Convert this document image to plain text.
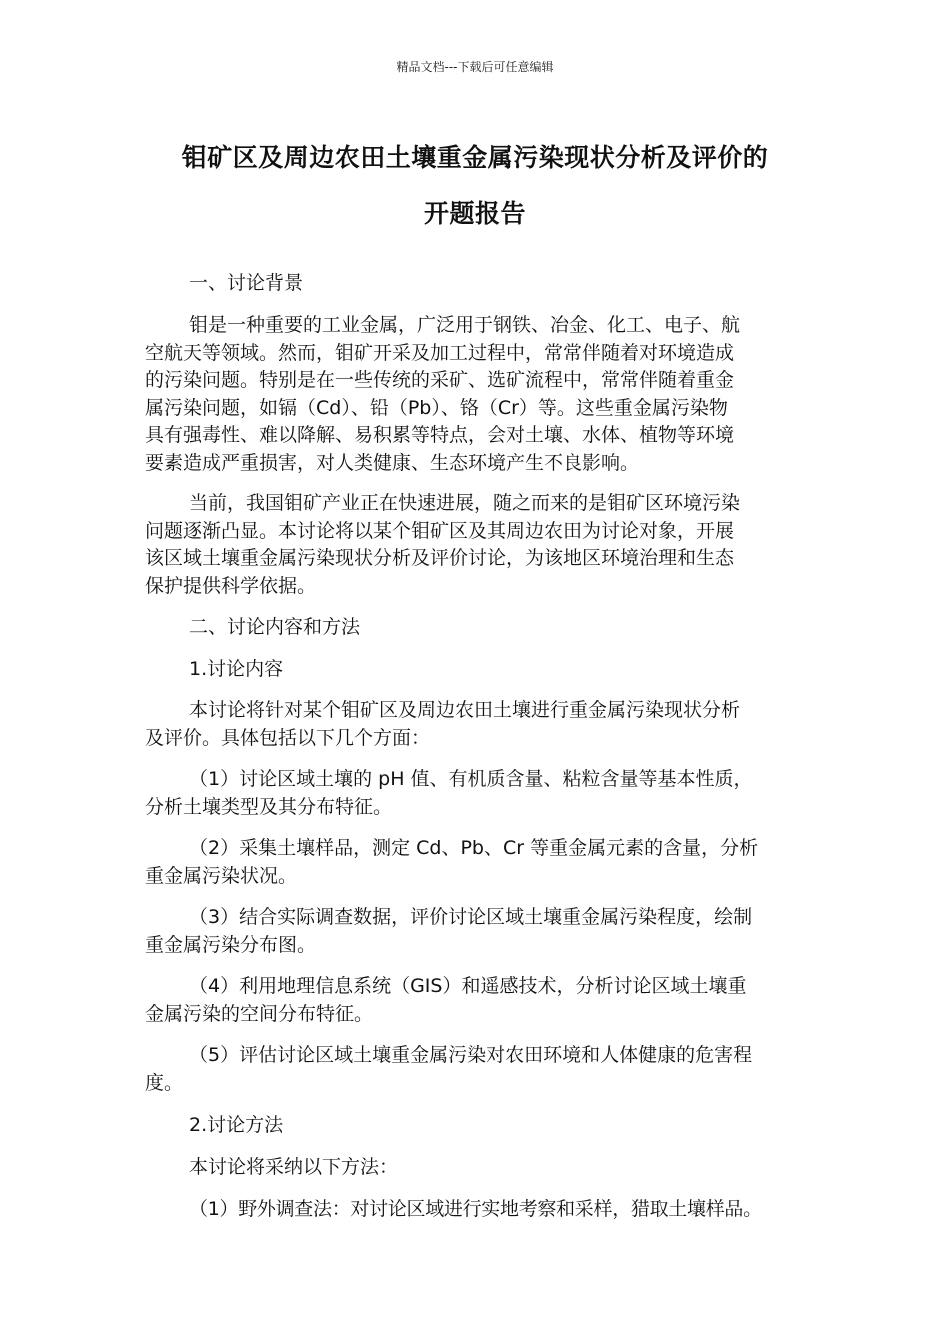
精品文档---下载后可任意编辑
钼矿区及周边农田土壤重金属污染现状分析及评价的
开题报告
一、讨论背景
钼是一种重要的工业金属，广泛用于钢铁、冶金、化工、电子、航
空航天等领域。然而，钼矿开采及加工过程中，常常伴随着对环境造成
的污染问题。特别是在一些传统的采矿、选矿流程中，常常伴随着重金
属污染问题，如镉（Cd）、铅（Pb）、铬（Cr）等。这些重金属污染物
具有强毒性、难以降解、易积累等特点，会对土壤、水体、植物等环境
要素造成严重损害，对人类健康、生态环境产生不良影响。
当前，我国钼矿产业正在快速进展，随之而来的是钼矿区环境污染
问题逐渐凸显。本讨论将以某个钼矿区及其周边农田为讨论对象，开展
该区域土壤重金属污染现状分析及评价讨论，为该地区环境治理和生态
保护提供科学依据。
二、讨论内容和方法
1.讨论内容
本讨论将针对某个钼矿区及周边农田土壤进行重金属污染现状分析
及评价。具体包括以下几个方面：
（1）讨论区域土壤的 pH 值、有机质含量、粘粒含量等基本性质，
分析土壤类型及其分布特征。
（2）采集土壤样品，测定 Cd、Pb、Cr 等重金属元素的含量，分析
重金属污染状况。
（3）结合实际调查数据，评价讨论区域土壤重金属污染程度，绘制
重金属污染分布图。
（4）利用地理信息系统（GIS）和遥感技术，分析讨论区域土壤重
金属污染的空间分布特征。
（5）评估讨论区域土壤重金属污染对农田环境和人体健康的危害程
度。
2.讨论方法
本讨论将采纳以下方法：
（1）野外调查法：对讨论区域进行实地考察和采样，猎取土壤样品。
